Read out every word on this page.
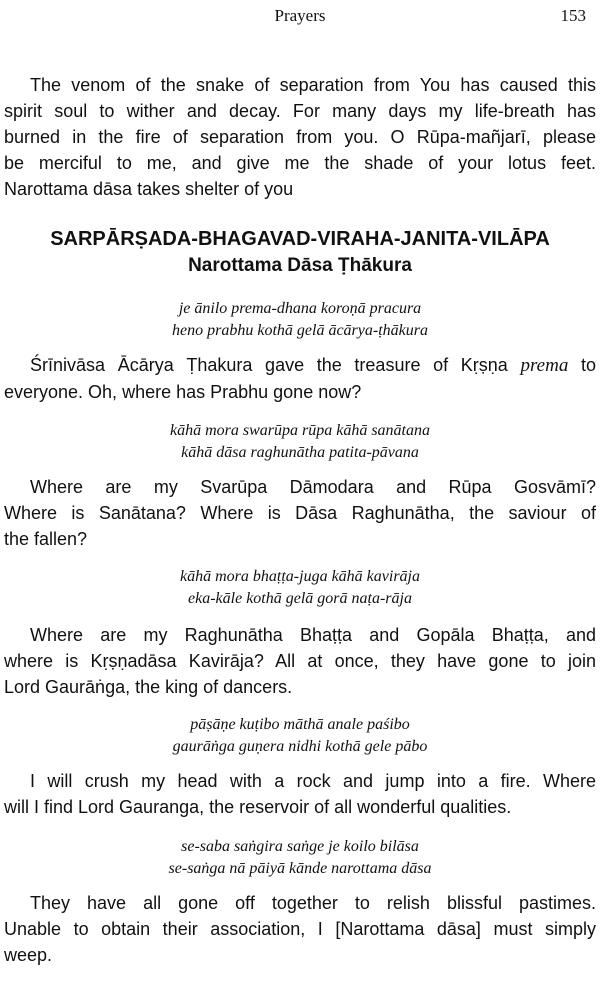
Prayers	153

The venom of the snake of separation from You has caused this
spirit soul to wither and decay. For many days my life-breath has
burned in the fire of separation from you. O Rūpa-mañjarī, please
be merciful to me, and give me the shade of your lotus feet.
Narottama dāsa takes shelter of you

SARPĀRṢADA-BHAGAVAD-VIRAHA-JANITA-VILĀPA
Narottama Dāsa Ṭhākura
je ānilo prema-dhana koroṇā pracura
heno prabhu kothā gelā ācārya-ṭhākura

Śrīnivāsa Ācārya Ṭhakura gave the treasure of Kṛṣṇa prema to
everyone. Oh, where has Prabhu gone now?

kāhā mora swarūpa rūpa kāhā sanātana
kāhā dāsa raghunātha patita-pāvana

Where are my Svarūpa Dāmodara and Rūpa Gosvāmī?
Where is Sanātana? Where is Dāsa Raghunātha, the saviour of
the fallen?

kāhā mora bhaṭṭa-juga kāhā kavirāja
eka-kāle kothā gelā gorā naṭa-rāja

Where are my Raghunātha Bhaṭṭa and Gopāla Bhaṭṭa, and
where is Kṛṣṇadāsa Kavirāja? All at once, they have gone to join
Lord Gaurāṅga, the king of dancers.

pāṣāṇe kuṭibo māthā anale paśibo
gaurāṅga guṇera nidhi kothā gele pābo

I will crush my head with a rock and jump into a fire. Where
will I find Lord Gauranga, the reservoir of all wonderful qualities.

se-saba saṅgira saṅge je koilo bilāsa
se-saṅga nā pāiyā kānde narottama dāsa

They have all gone off together to relish blissful pastimes.
Unable to obtain their association, I [Narottama dāsa] must simply
weep.
